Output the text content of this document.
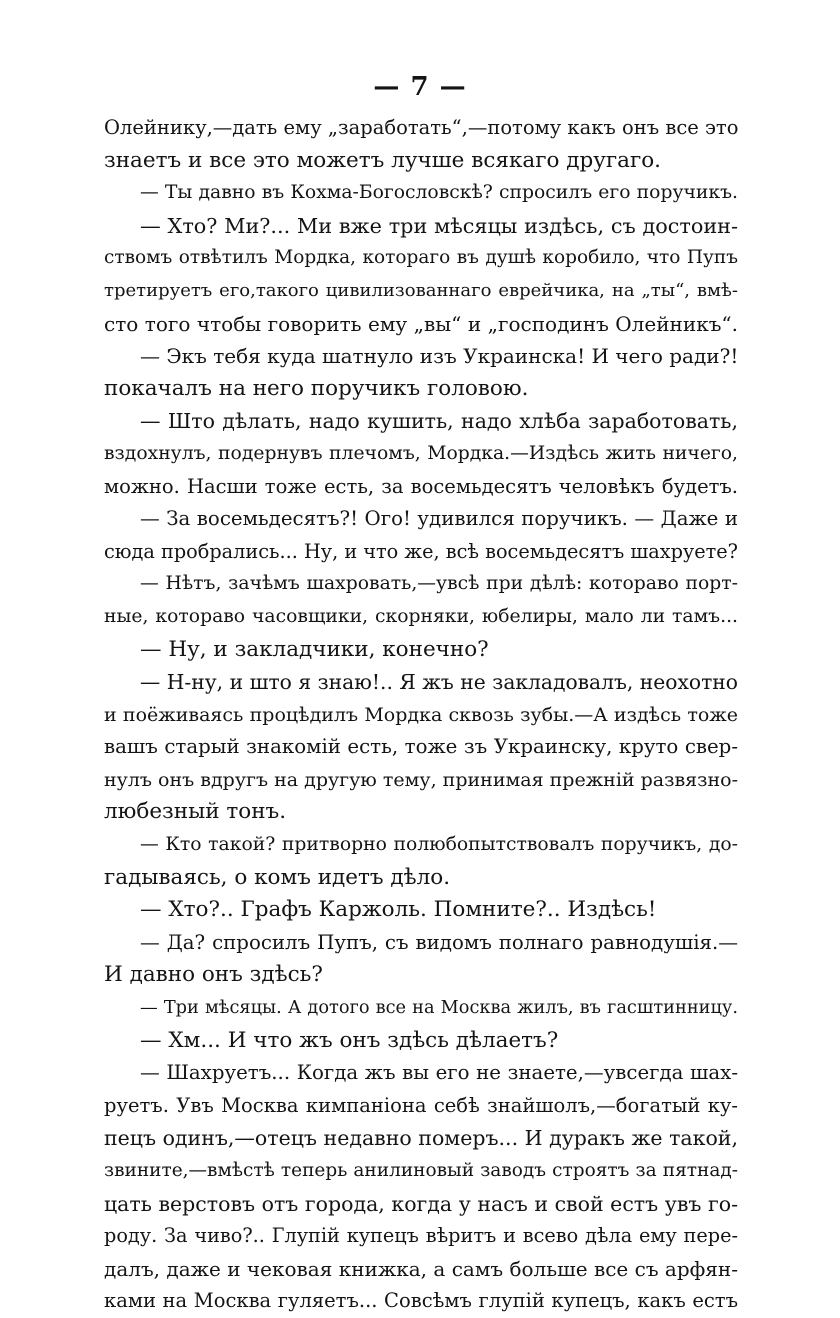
— 7 —
Олейнику,—дать ему „заработать“,—потому какъ онъ все это
знаетъ и все это можетъ лучше всякаго другаго.
— Ты давно въ Кохма-Богословскѣ? спросилъ его поручикъ.
— Хто? Ми?... Ми вже три мѣсяцы издѣсь, съ достоин-
ствомъ отвѣтилъ Мордка, котораго въ душѣ коробило, что Пупъ
третируетъ его,такого цивилизованнаго еврейчика, на „ты“, вмѣ-
сто того чтобы говорить ему „вы“ и „господинъ Олейникъ“.
— Экъ тебя куда шатнуло изъ Украинска! И чего ради?!
покачалъ на него поручикъ головою.
— Што дѣлать, надо кушить, надо хлѣба заработовать,
вздохнулъ, подернувъ плечомъ, Мордка.—Издѣсь жить ничего,
можно. Насши тоже есть, за восемьдесятъ человѣкъ будетъ.
— За восемьдесятъ?! Ого! удивился поручикъ. — Даже и
сюда пробрались... Ну, и что же, всѣ восемьдесятъ шахруете?
— Нѣтъ, зачѣмъ шахровать,—увсѣ при дѣлѣ: котораво порт-
ные, котораво часовщики, скорняки, юбелиры, мало ли тамъ...
— Ну, и закладчики, конечно?
— Н-ну, и што я знаю!.. Я жъ не закладовалъ, неохотно
и поёживаясь процѣдилъ Мордка сквозь зубы.—А издѣсь тоже
вашъ старый знакомій есть, тоже зъ Украинску, круто свер-
нулъ онъ вдругъ на другую тему, принимая прежній развязно-
любезный тонъ.
— Кто такой? притворно полюбопытствовалъ поручикъ, до-
гадываясь, о комъ идетъ дѣло.
— Хто?.. Графъ Каржоль. Помните?.. Издѣсь!
— Да? спросилъ Пупъ, съ видомъ полнаго равнодушія.—
И давно онъ здѣсь?
— Три мѣсяцы. А дотого все на Москва жилъ, въ гасштинницу.
— Хм... И что жъ онъ здѣсь дѣлаетъ?
— Шахруетъ... Когда жъ вы его не знаете,—увсегда шах-
руетъ. Увъ Москва кимпаніона себѣ знайшолъ,—богатый ку-
пецъ одинъ,—отецъ недавно померъ... И дуракъ же такой,
звините,—вмѣстѣ теперь анилиновый заводъ строятъ за пятнад-
цать верстовъ отъ города, когда у насъ и свой естъ увъ го-
роду. За чиво?.. Глупій купецъ вѣритъ и всево дѣла ему пере-
далъ, даже и чековая книжка, а самъ больше все съ арфян-
ками на Москва гуляетъ... Совсѣмъ глупій купецъ, какъ естъ
